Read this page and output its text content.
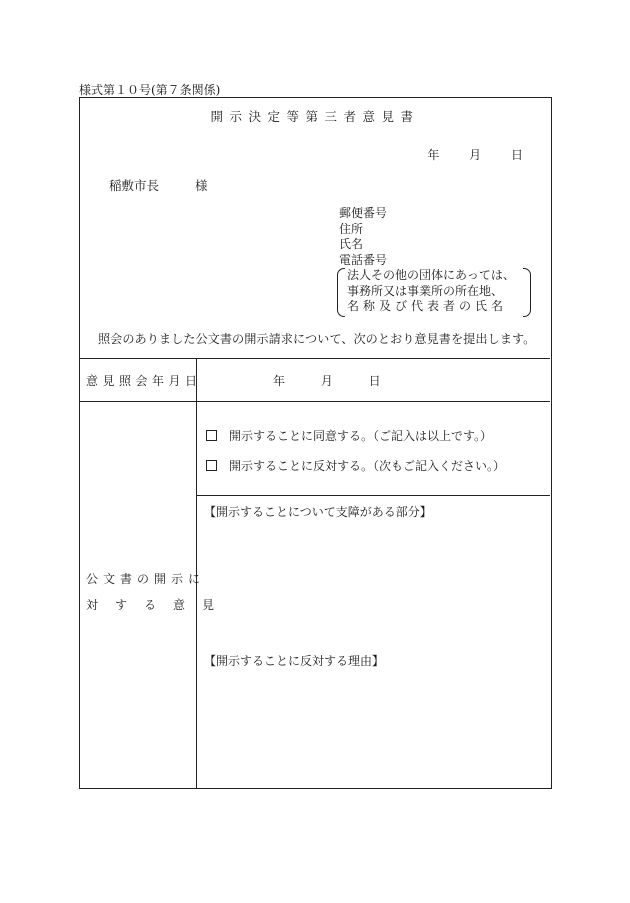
様式第１０号(第７条関係)
開示決定等第三者意見書
年 月 日
稲敷市長	様
郵便番号
住所
氏名
電話番号
法人その他の団体にあっては、
事務所又は事業所の所在地、
名称及び代表者の氏名
照会のありました公文書の開示請求について、次のとおり意見書を提出します。
意見照会年月日	年 月 日
公文書の開示に
対する意見
開示することに同意する。（ご記入は以上です。）
開示することに反対する。（次もご記入ください。）
【開示することについて支障がある部分】
【開示することに反対する理由】
